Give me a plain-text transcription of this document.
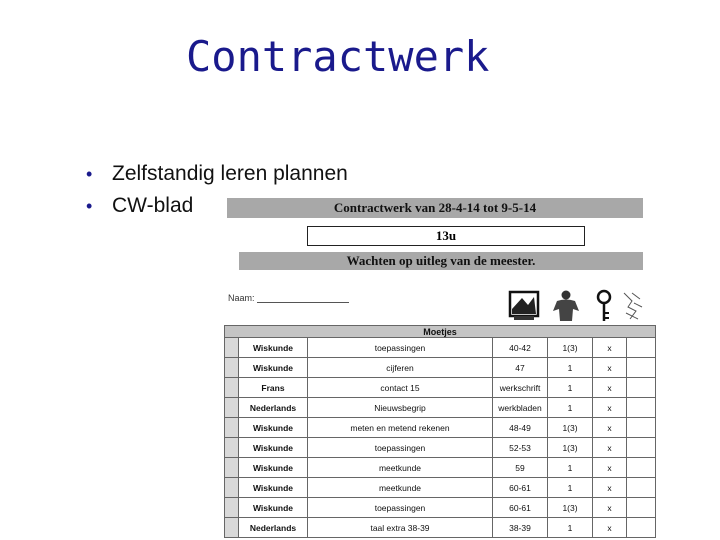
Contractwerk
• Zelfstandig leren plannen
• CW-blad	Contractwerk van 28-4-14 tot 9-5-14
13u
Wachten op uitleg van de meester.
Naam:
Moetjes						
	Wiskunde	toepassingen	40-42	1(3)	x	
	Wiskunde	cijferen	47	1	x	
	Frans	contact 15	werkschrift	1	x	
	Nederlands	Nieuwsbegrip	werkbladen	1	x	
	Wiskunde	meten en metend rekenen	48-49	1(3)	x	
	Wiskunde	toepassingen	52-53	1(3)	x	
	Wiskunde	meetkunde	59	1	x	
	Wiskunde	meetkunde	60-61	1	x	
	Wiskunde	toepassingen	60-61	1(3)	x	
	Nederlands	taal extra 38-39	38-39	1	x	
